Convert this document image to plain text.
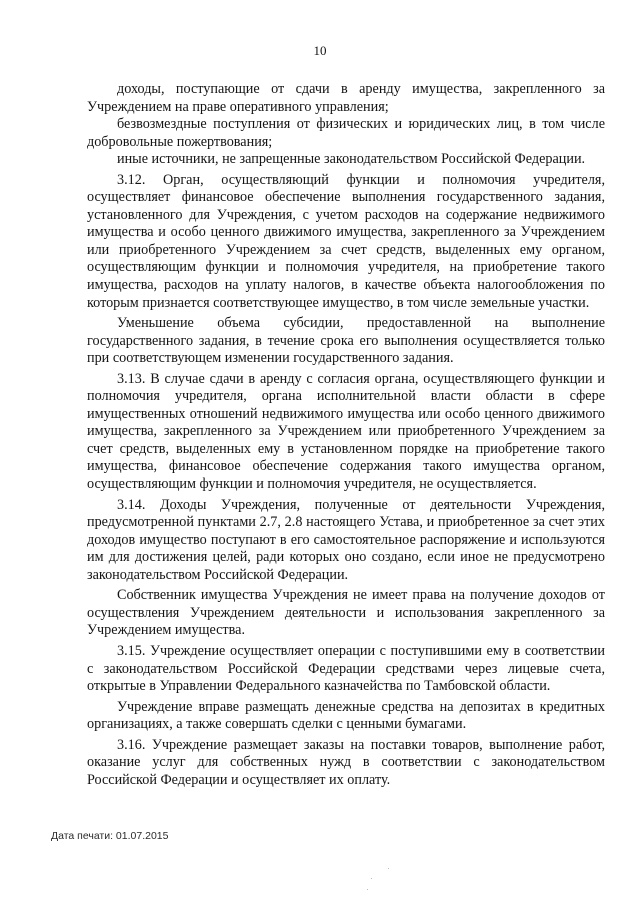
10

доходы, поступающие от сдачи в аренду имущества, закрепленного за Учреждением на праве оперативного управления;

безвозмездные поступления от физических и юридических лиц, в том числе добровольные пожертвования;

иные источники, не запрещенные законодательством Российской Федерации.

3.12. Орган, осуществляющий функции и полномочия учредителя, осуществляет финансовое обеспечение выполнения государственного задания, установленного для Учреждения, с учетом расходов на содержание недвижимого имущества и особо ценного движимого имущества, закрепленного за Учреждением или приобретенного Учреждением за счет средств, выделенных ему органом, осуществляющим функции и полномочия учредителя, на приобретение такого имущества, расходов на уплату налогов, в качестве объекта налогообложения по которым признается соответствующее имущество, в том числе земельные участки.

Уменьшение объема субсидии, предоставленной на выполнение государственного задания, в течение срока его выполнения осуществляется только при соответствующем изменении государственного задания.

3.13. В случае сдачи в аренду с согласия органа, осуществляющего функции и полномочия учредителя, органа исполнительной власти области в сфере имущественных отношений недвижимого имущества или особо ценного движимого имущества, закрепленного за Учреждением или приобретенного Учреждением за счет средств, выделенных ему в установленном порядке на приобретение такого имущества, финансовое обеспечение содержания такого имущества органом, осуществляющим функции и полномочия учредителя, не осуществляется.

3.14. Доходы Учреждения, полученные от деятельности Учреждения, предусмотренной пунктами 2.7, 2.8 настоящего Устава, и приобретенное за счет этих доходов имущество поступают в его самостоятельное распоряжение и используются им для достижения целей, ради которых оно создано, если иное не предусмотрено законодательством Российской Федерации.

Собственник имущества Учреждения не имеет права на получение доходов от осуществления Учреждением деятельности и использования закрепленного за Учреждением имущества.

3.15. Учреждение осуществляет операции с поступившими ему в соответствии с законодательством Российской Федерации средствами через лицевые счета, открытые в Управлении Федерального казначейства по Тамбовской области.

Учреждение вправе размещать денежные средства на депозитах в кредитных организациях, а также совершать сделки с ценными бумагами.

3.16. Учреждение размещает заказы на поставки товаров, выполнение работ, оказание услуг для собственных нужд в соответствии с законодательством Российской Федерации и осуществляет их оплату.

Дата печати: 01.07.2015
